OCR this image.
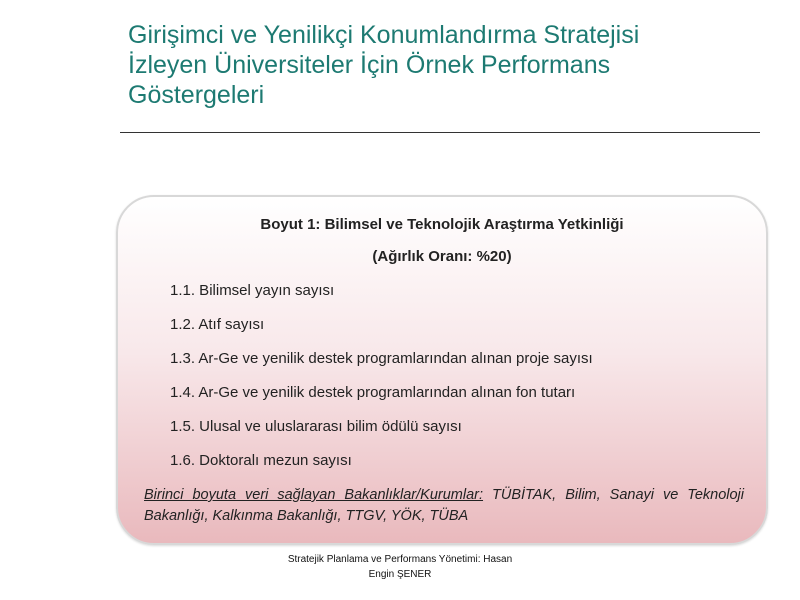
Girişimci ve Yenilikçi Konumlandırma Stratejisi
İzleyen Üniversiteler İçin Örnek Performans
Göstergeleri
Boyut 1: Bilimsel ve Teknolojik Araştırma Yetkinliği
(Ağırlık Oranı: %20)
1.1. Bilimsel yayın sayısı
1.2. Atıf sayısı
1.3. Ar-Ge ve yenilik destek programlarından alınan proje sayısı
1.4. Ar-Ge ve yenilik destek programlarından alınan fon tutarı
1.5. Ulusal ve uluslararası bilim ödülü sayısı
1.6. Doktoralı mezun sayısı
Birinci boyuta veri sağlayan Bakanlıklar/Kurumlar: TÜBİTAK, Bilim, Sanayi ve Teknoloji Bakanlığı, Kalkınma Bakanlığı, TTGV, YÖK, TÜBA
Stratejik Planlama ve Performans Yönetimi: Hasan
Engin ŞENER
